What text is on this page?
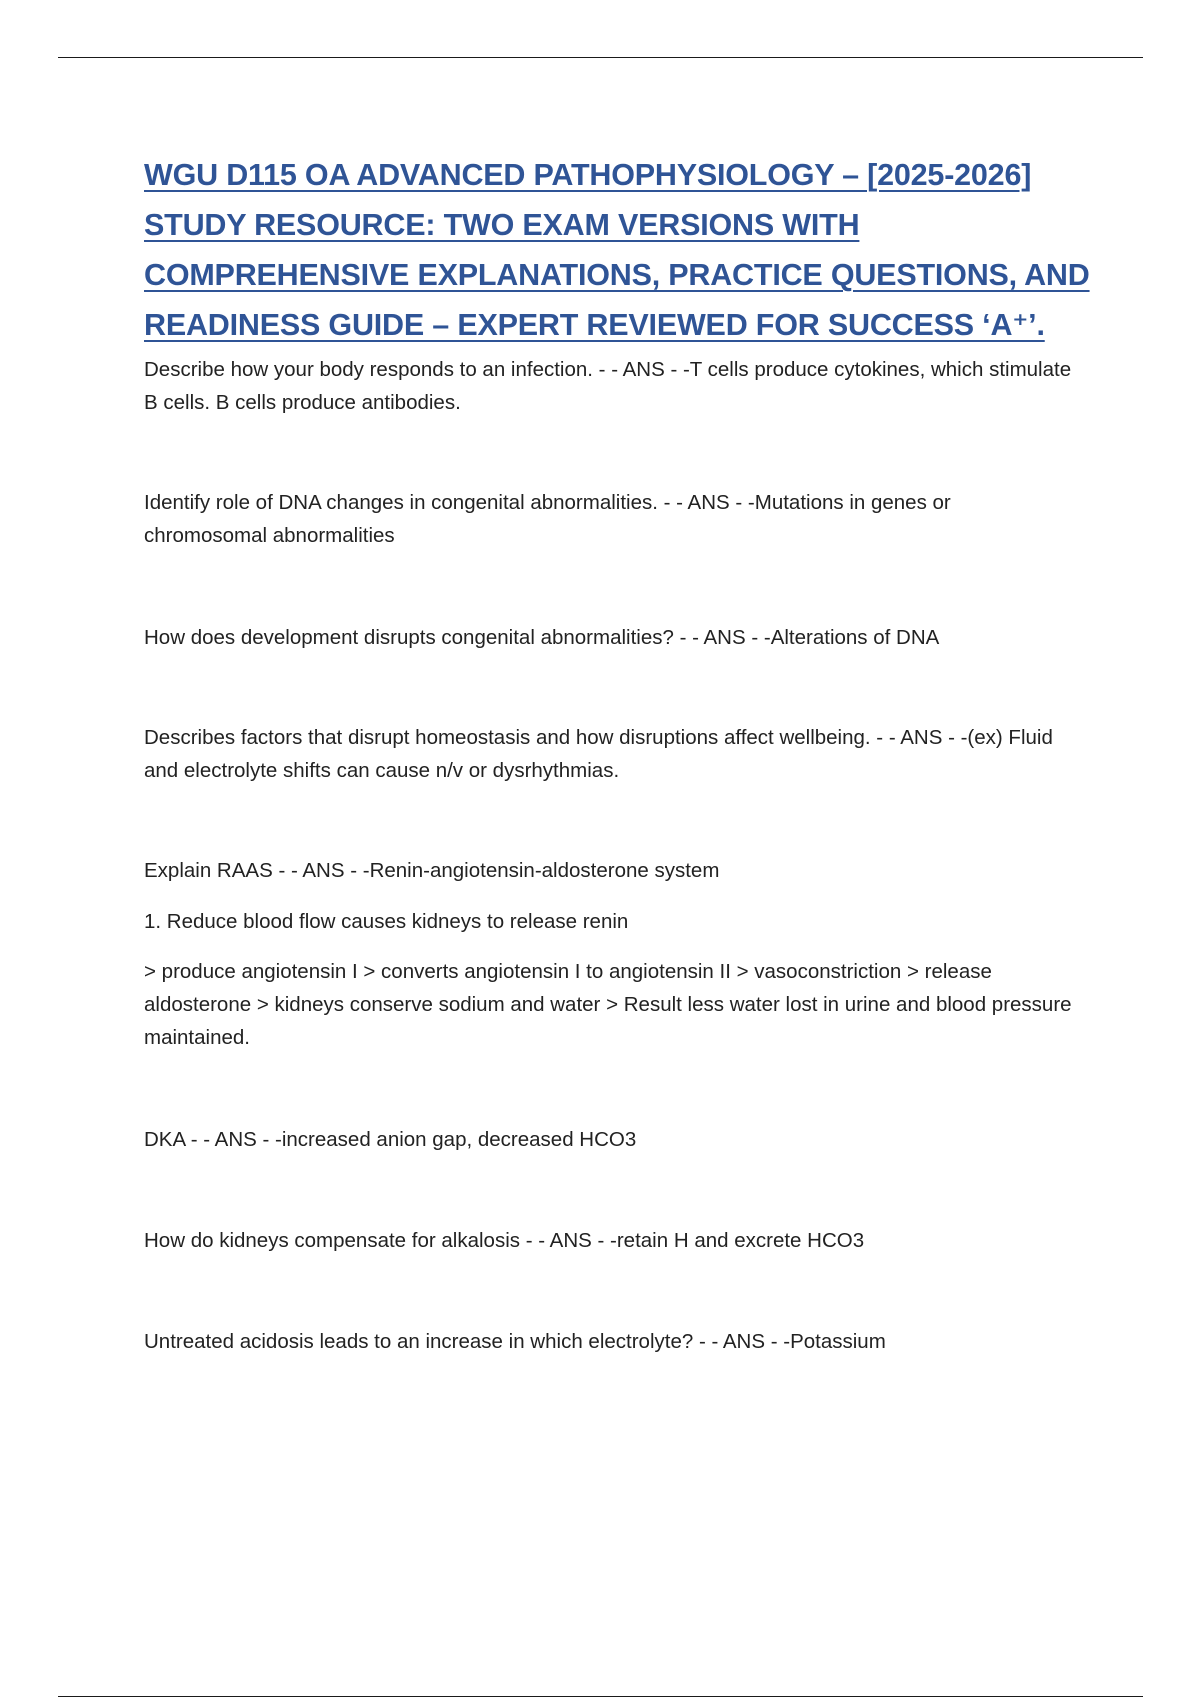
WGU D115 OA ADVANCED PATHOPHYSIOLOGY – [2025-2026]
STUDY RESOURCE: TWO EXAM VERSIONS WITH
COMPREHENSIVE EXPLANATIONS, PRACTICE QUESTIONS, AND
READINESS GUIDE – EXPERT REVIEWED FOR SUCCESS ‘A⁺’.

Describe how your body responds to an infection. - - ANS - -T cells produce cytokines, which stimulate B cells. B cells produce antibodies.

Identify role of DNA changes in congenital abnormalities. - - ANS - -Mutations in genes or chromosomal abnormalities

How does development disrupts congenital abnormalities? - - ANS - -Alterations of DNA

Describes factors that disrupt homeostasis and how disruptions affect wellbeing. - - ANS - -(ex) Fluid and electrolyte shifts can cause n/v or dysrhythmias.

Explain RAAS - - ANS - -Renin-angiotensin-aldosterone system

1. Reduce blood flow causes kidneys to release renin

> produce angiotensin I > converts angiotensin I to angiotensin II > vasoconstriction > release aldosterone > kidneys conserve sodium and water > Result less water lost in urine and blood pressure maintained.

DKA - - ANS - -increased anion gap, decreased HCO3

How do kidneys compensate for alkalosis - - ANS - -retain H and excrete HCO3

Untreated acidosis leads to an increase in which electrolyte? - - ANS - -Potassium
